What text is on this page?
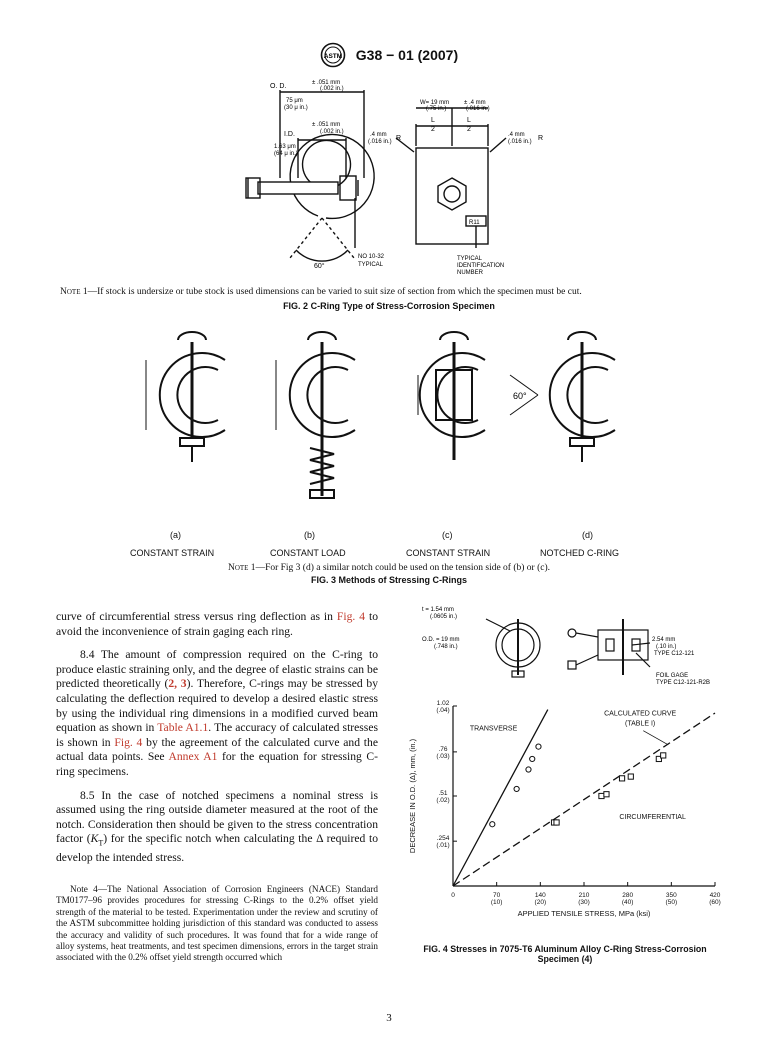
ASTM G38 − 01 (2007)
O. D.	± .051 mm
(.002 in.)
75 μm
(30 μ in.)
I.D.
± .051 mm
(.002 in.)
1.63 μm
(64 μ in.)
60°
NO 10-32
TYPICAL
W= 19 mm
(.75 in.)
± .4 mm
(.016 in.)
L
2
L
2
.4 mm
(.016 in.) R	.4 mm
(.016 in.) R
R11
TYPICAL
IDENTIFICATION
NUMBER
Note 1—If stock is undersize or tube stock is used dimensions can be varied to suit size of section from which the specimen must be cut.
FIG. 2 C-Ring Type of Stress-Corrosion Specimen
60°
(a)	(b)	(c)	(d)
CONSTANT STRAIN	CONSTANT LOAD	CONSTANT STRAIN	NOTCHED C-RING
Note 1—For Fig 3 (d) a similar notch could be used on the tension side of (b) or (c).
FIG. 3 Methods of Stressing C-Rings

curve of circumferential stress versus ring deflection as in Fig. 4 to avoid the inconvenience of strain gaging each ring.

8.4 The amount of compression required on the C-ring to produce elastic straining only, and the degree of elastic strains can be predicted theoretically (2, 3). Therefore, C-rings may be stressed by calculating the deflection required to develop a desired elastic stress by using the individual ring dimensions in a modified curved beam equation as shown in Table A1.1. The accuracy of calculated stresses is shown in Fig. 4 by the agreement of the calculated curve and the actual data points. See Annex A1 for the equation for stressing C-ring specimens.

8.5 In the case of notched specimens a nominal stress is assumed using the ring outside diameter measured at the root of the notch. Consideration then should be given to the stress concentration factor $(K_T)$ for the specific notch when calculating the Δ required to develop the intended stress.

Note 4—The National Association of Corrosion Engineers (NACE) Standard TM0177–96 provides procedures for stressing C-Rings to the 0.2% offset yield strength of the material to be tested. Experimentation under the review and scrutiny of the ASTM subcommittee holding jurisdiction of this standard was conducted to assess the accuracy and validity of such procedures. It was found that for a wide range of alloy systems, heat treatments, and test specimen dimensions, errors in the target strain associated with the 0.2% offset yield strength occurred which
t = 1.54 mm
(.0605 in.)
O.D. = 19 mm
(.748 in.)
2.54 mm
(.10 in.)
TYPE C12-121
FOIL GAGE
TYPE C12-121-R2B
0	70
(10)
140
(20)
210
(30)
280
(40)
350
(50)
420
(60)
.254
(.01)
.51
(.02)
.76
(.03)
1.02
(.04)
APPLIED TENSILE STRESS, MPa (ksi)
DECREASE IN O.D. (Δ), mm, (in.)
TRANSVERSE
CALCULATED CURVE
(TABLE I)
CIRCUMFERENTIAL
FIG. 4 Stresses in 7075-T6 Aluminum Alloy C-Ring Stress-Corrosion Specimen (4)
3
